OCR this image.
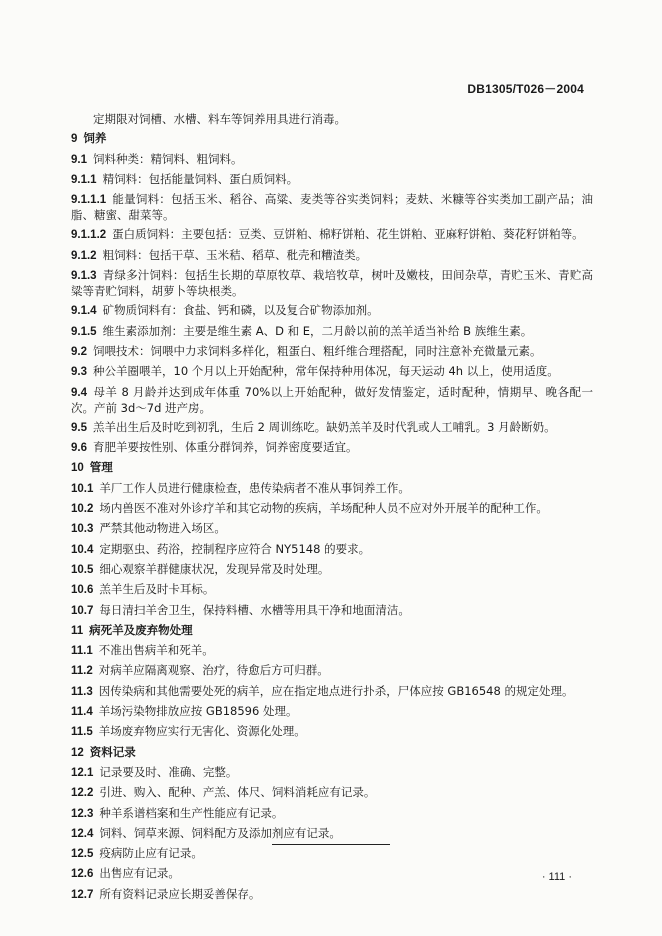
DB1305/T026－2004
定期限对饲槽、水槽、料车等饲养用具进行消毒。
9 饲养
9.1 饲料种类：精饲料、粗饲料。
9.1.1 精饲料：包括能量饲料、蛋白质饲料。
9.1.1.1 能量饲料：包括玉米、稻谷、高粱、麦类等谷实类饲料；麦麸、米糠等谷实类加工副产品；油脂、糖蜜、甜菜等。
9.1.1.2 蛋白质饲料：主要包括：豆类、豆饼粕、棉籽饼粕、花生饼粕、亚麻籽饼粕、葵花籽饼粕等。
9.1.2 粗饲料：包括干草、玉米秸、稻草、秕壳和糟渣类。
9.1.3 青绿多汁饲料：包括生长期的草原牧草、栽培牧草，树叶及嫩枝，田间杂草，青贮玉米、青贮高粱等青贮饲料，胡萝卜等块根类。
9.1.4 矿物质饲料有：食盐、钙和磷，以及复合矿物添加剂。
9.1.5 维生素添加剂：主要是维生素 A、D 和 E，二月龄以前的羔羊适当补给 B 族维生素。
9.2 饲喂技术：饲喂中力求饲料多样化，粗蛋白、粗纤维合理搭配，同时注意补充微量元素。
9.3 种公羊圈喂羊，10 个月以上开始配种，常年保持种用体况，每天运动 4h 以上，使用适度。
9.4 母羊 8 月龄并达到成年体重 70%以上开始配种，做好发情鉴定，适时配种，情期早、晚各配一次。产前 3d～7d 进产房。
9.5 羔羊出生后及时吃到初乳，生后 2 周训练吃。缺奶羔羊及时代乳或人工哺乳。3 月龄断奶。
9.6 育肥羊要按性别、体重分群饲养，饲养密度要适宜。
10 管理
10.1 羊厂工作人员进行健康检查，患传染病者不准从事饲养工作。
10.2 场内兽医不准对外诊疗羊和其它动物的疾病，羊场配种人员不应对外开展羊的配种工作。
10.3 严禁其他动物进入场区。
10.4 定期驱虫、药浴，控制程序应符合 NY5148 的要求。
10.5 细心观察羊群健康状况，发现异常及时处理。
10.6 羔羊生后及时卡耳标。
10.7 每日清扫羊舍卫生，保持料槽、水槽等用具干净和地面清洁。
11 病死羊及废弃物处理
11.1 不准出售病羊和死羊。
11.2 对病羊应隔离观察、治疗，待愈后方可归群。
11.3 因传染病和其他需要处死的病羊，应在指定地点进行扑杀，尸体应按 GB16548 的规定处理。
11.4 羊场污染物排放应按 GB18596 处理。
11.5 羊场废弃物应实行无害化、资源化处理。
12 资料记录
12.1 记录要及时、准确、完整。
12.2 引进、购入、配种、产羔、体尺、饲料消耗应有记录。
12.3 种羊系谱档案和生产性能应有记录。
12.4 饲料、饲草来源、饲料配方及添加剂应有记录。
12.5 疫病防止应有记录。
12.6 出售应有记录。
12.7 所有资料记录应长期妥善保存。
· 111 ·
